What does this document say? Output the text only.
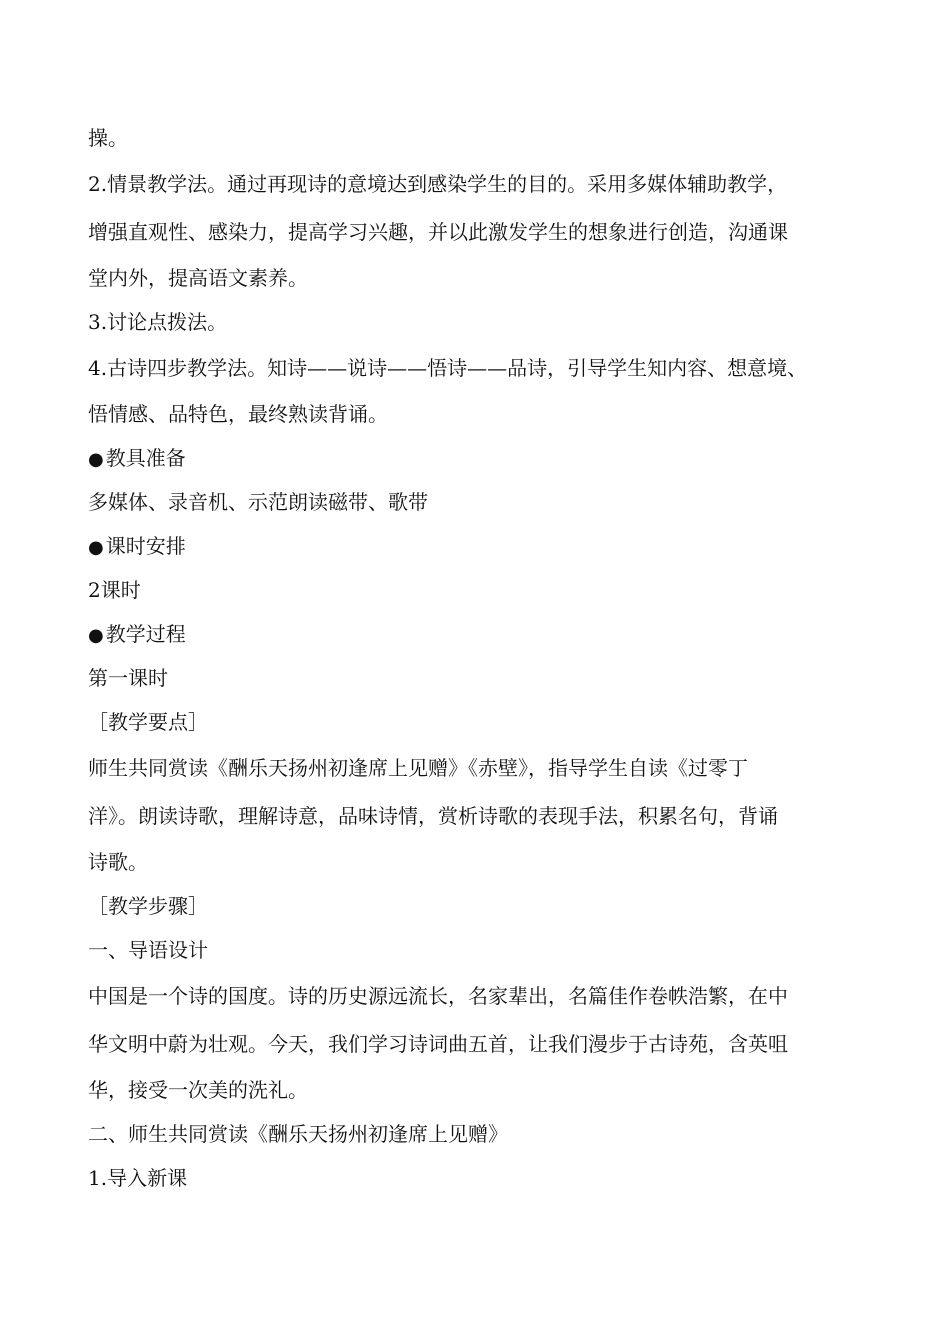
操。
2.情景教学法。通过再现诗的意境达到感染学生的目的。采用多媒体辅助教学，
增强直观性、感染力，提高学习兴趣，并以此激发学生的想象进行创造，沟通课
堂内外，提高语文素养。
3.讨论点拨法。
4.古诗四步教学法。知诗——说诗——悟诗——品诗，引导学生知内容、想意境、
悟情感、品特色，最终熟读背诵。
● 教具准备
多媒体、录音机、示范朗读磁带、歌带
● 课时安排
2课时
● 教学过程
第一课时
［教学要点］
师生共同赏读《酬乐天扬州初逢席上见赠》《赤壁》，指导学生自读《过零丁
洋》。朗读诗歌，理解诗意，品味诗情，赏析诗歌的表现手法，积累名句，背诵
诗歌。
［教学步骤］
一、导语设计
中国是一个诗的国度。诗的历史源远流长，名家辈出，名篇佳作卷帙浩繁，在中
华文明中蔚为壮观。今天，我们学习诗词曲五首，让我们漫步于古诗苑，含英咀
华，接受一次美的洗礼。
二、师生共同赏读《酬乐天扬州初逢席上见赠》
1.导入新课
